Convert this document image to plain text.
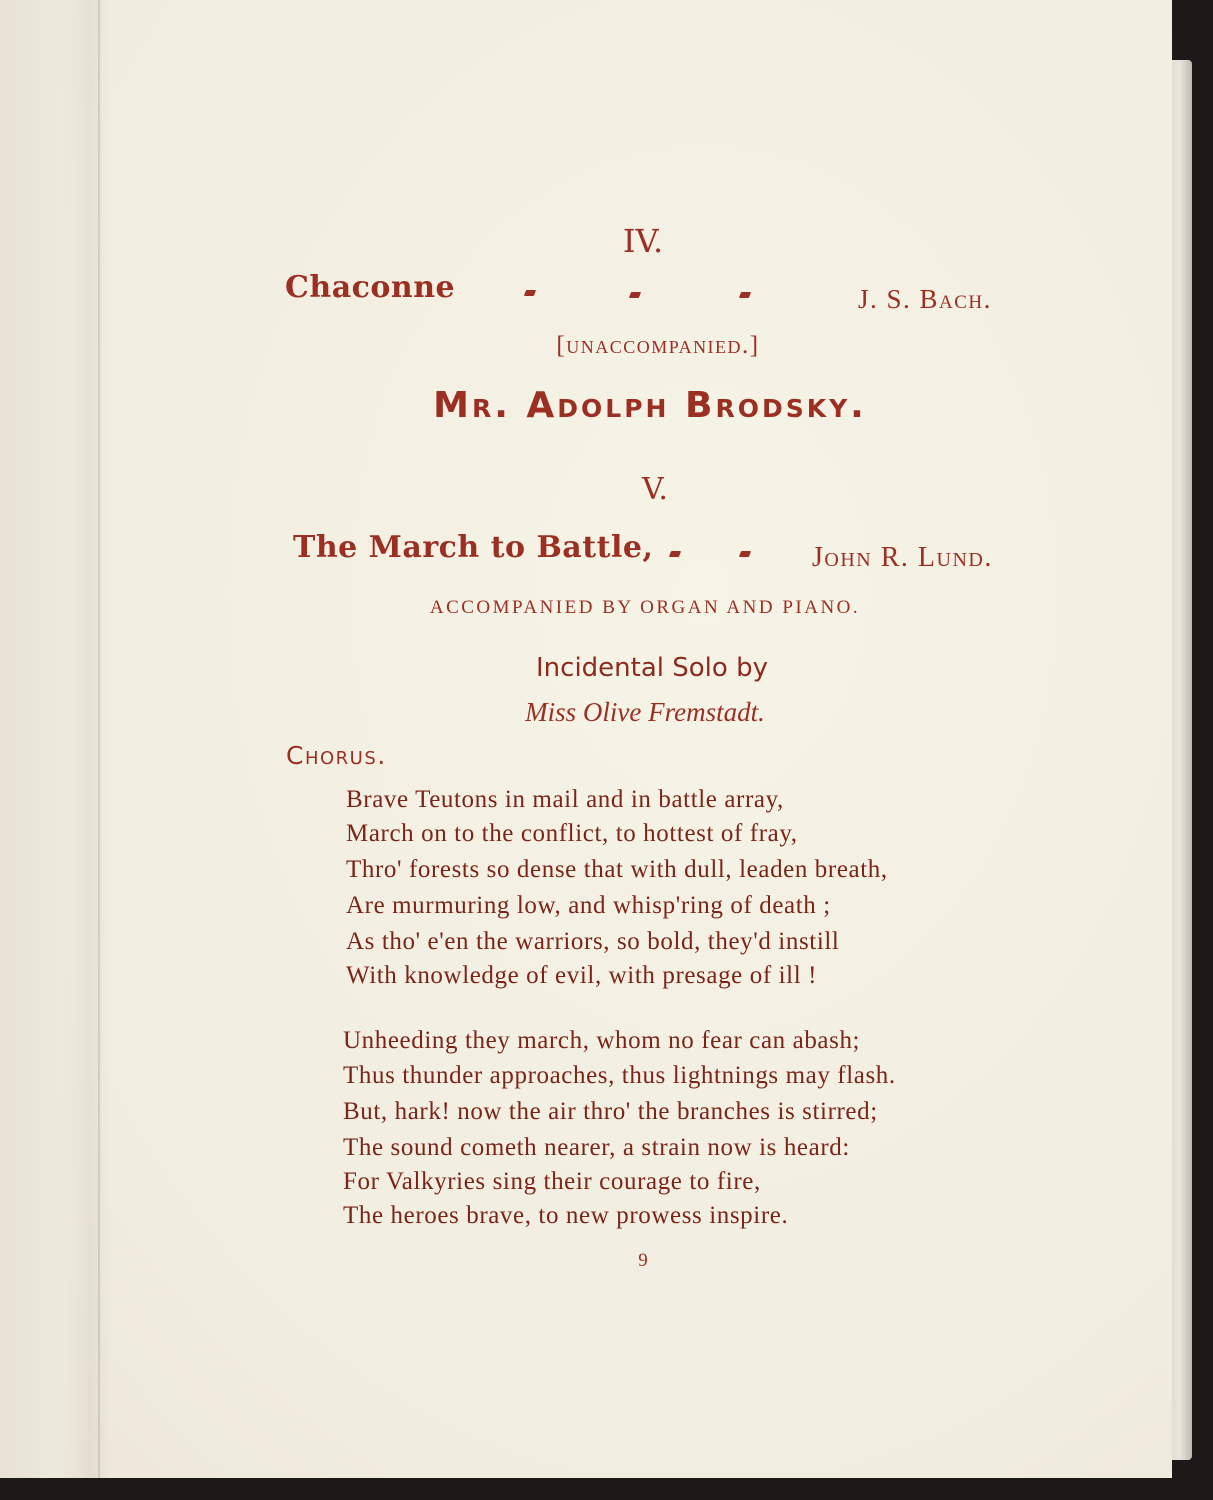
IV.
Chaconne	J. S. Bach.
[unaccompanied.]
Mr. Adolph Brodsky.
V.
The March to Battle,	John R. Lund.
ACCOMPANIED BY ORGAN AND PIANO.
Incidental Solo by
Miss Olive Fremstadt.
Chorus.
Brave Teutons in mail and in battle array,
March on to the conflict, to hottest of fray,
Thro' forests so dense that with dull, leaden breath,
Are murmuring low, and whisp'ring of death ;
As tho' e'en the warriors, so bold, they'd instill
With knowledge of evil, with presage of ill !
Unheeding they march, whom no fear can abash;
Thus thunder approaches, thus lightnings may flash.
But, hark! now the air thro' the branches is stirred;
The sound cometh nearer, a strain now is heard:
For Valkyries sing their courage to fire,
The heroes brave, to new prowess inspire.
9
